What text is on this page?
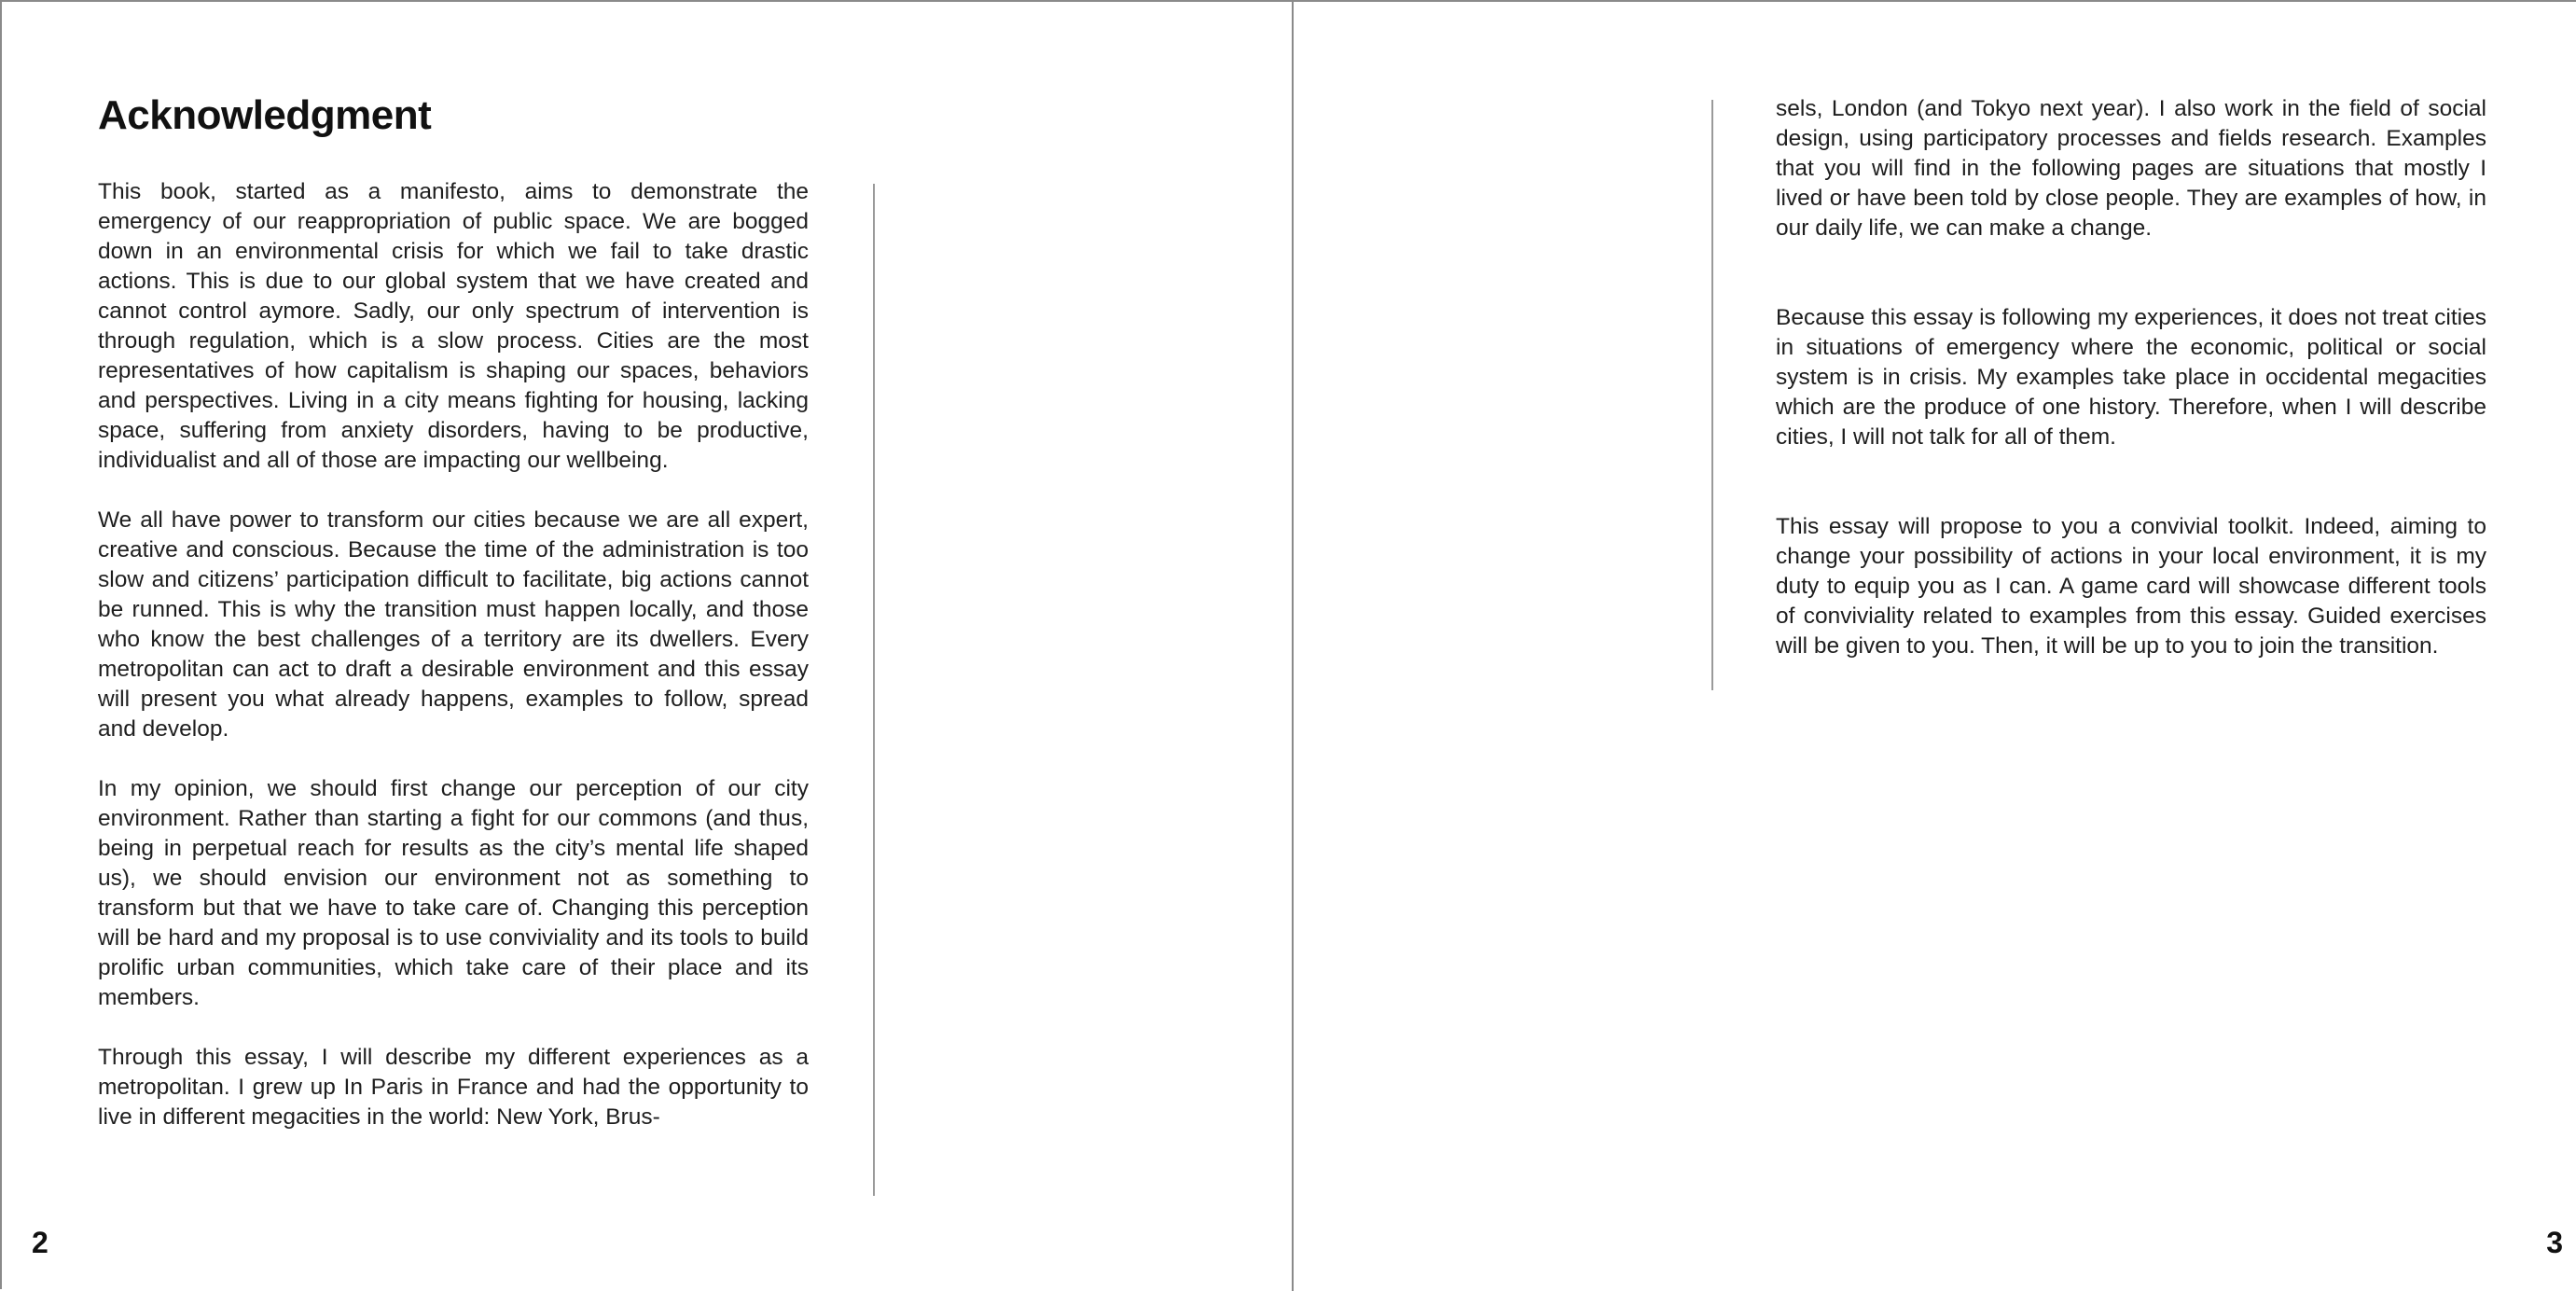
Acknowledgment

This book, started as a manifesto, aims to demonstrate the emergency of our reappropriation of public space. We are bogged down in an environmental crisis for which we fail to take drastic actions. This is due to our global system that we have created and cannot control aymore. Sadly, our only spectrum of intervention is through regulation, which is a slow process. Cities are the most representatives of how capitalism is shaping our spaces, behaviors and perspectives. Living in a city means fighting for housing, lacking space, suffering from anxiety disorders, having to be productive, individualist and all of those are impacting our wellbeing.

We all have power to transform our cities because we are all expert, creative and conscious. Because the time of the administration is too slow and citizens’ participation difficult to facilitate, big actions cannot be runned. This is why the transition must happen locally, and those who know the best challenges of a territory are its dwellers. Every metropolitan can act to draft a desirable environment and this essay will present you what already happens, examples to follow, spread and develop.

In my opinion, we should first change our perception of our city environment. Rather than starting a fight for our commons (and thus, being in perpetual reach for results as the city’s mental life shaped us), we should envision our environment not as something to transform but that we have to take care of. Changing this perception will be hard and my proposal is to use conviviality and its tools to build prolific urban communities, which take care of their place and its members.

Through this essay, I will describe my different experiences as a metropolitan. I grew up In Paris in France and had the opportunity to live in different megacities in the world: New York, Brus-

2

sels, London (and Tokyo next year). I also work in the field of social design, using participatory processes and fields research. Examples that you will find in the following pages are situations that mostly I lived or have been told by close people. They are examples of how, in our daily life, we can make a change.

Because this essay is following my experiences, it does not treat cities in situations of emergency where the economic, political or social system is in crisis. My examples take place in occidental megacities which are the produce of one history. Therefore, when I will describe cities, I will not talk for all of them.

This essay will propose to you a convivial toolkit. Indeed, aiming to change your possibility of actions in your local environment, it is my duty to equip you as I can. A game card will showcase different tools of conviviality related to examples from this essay. Guided exercises will be given to you. Then, it will be up to you to join the transition.

3
